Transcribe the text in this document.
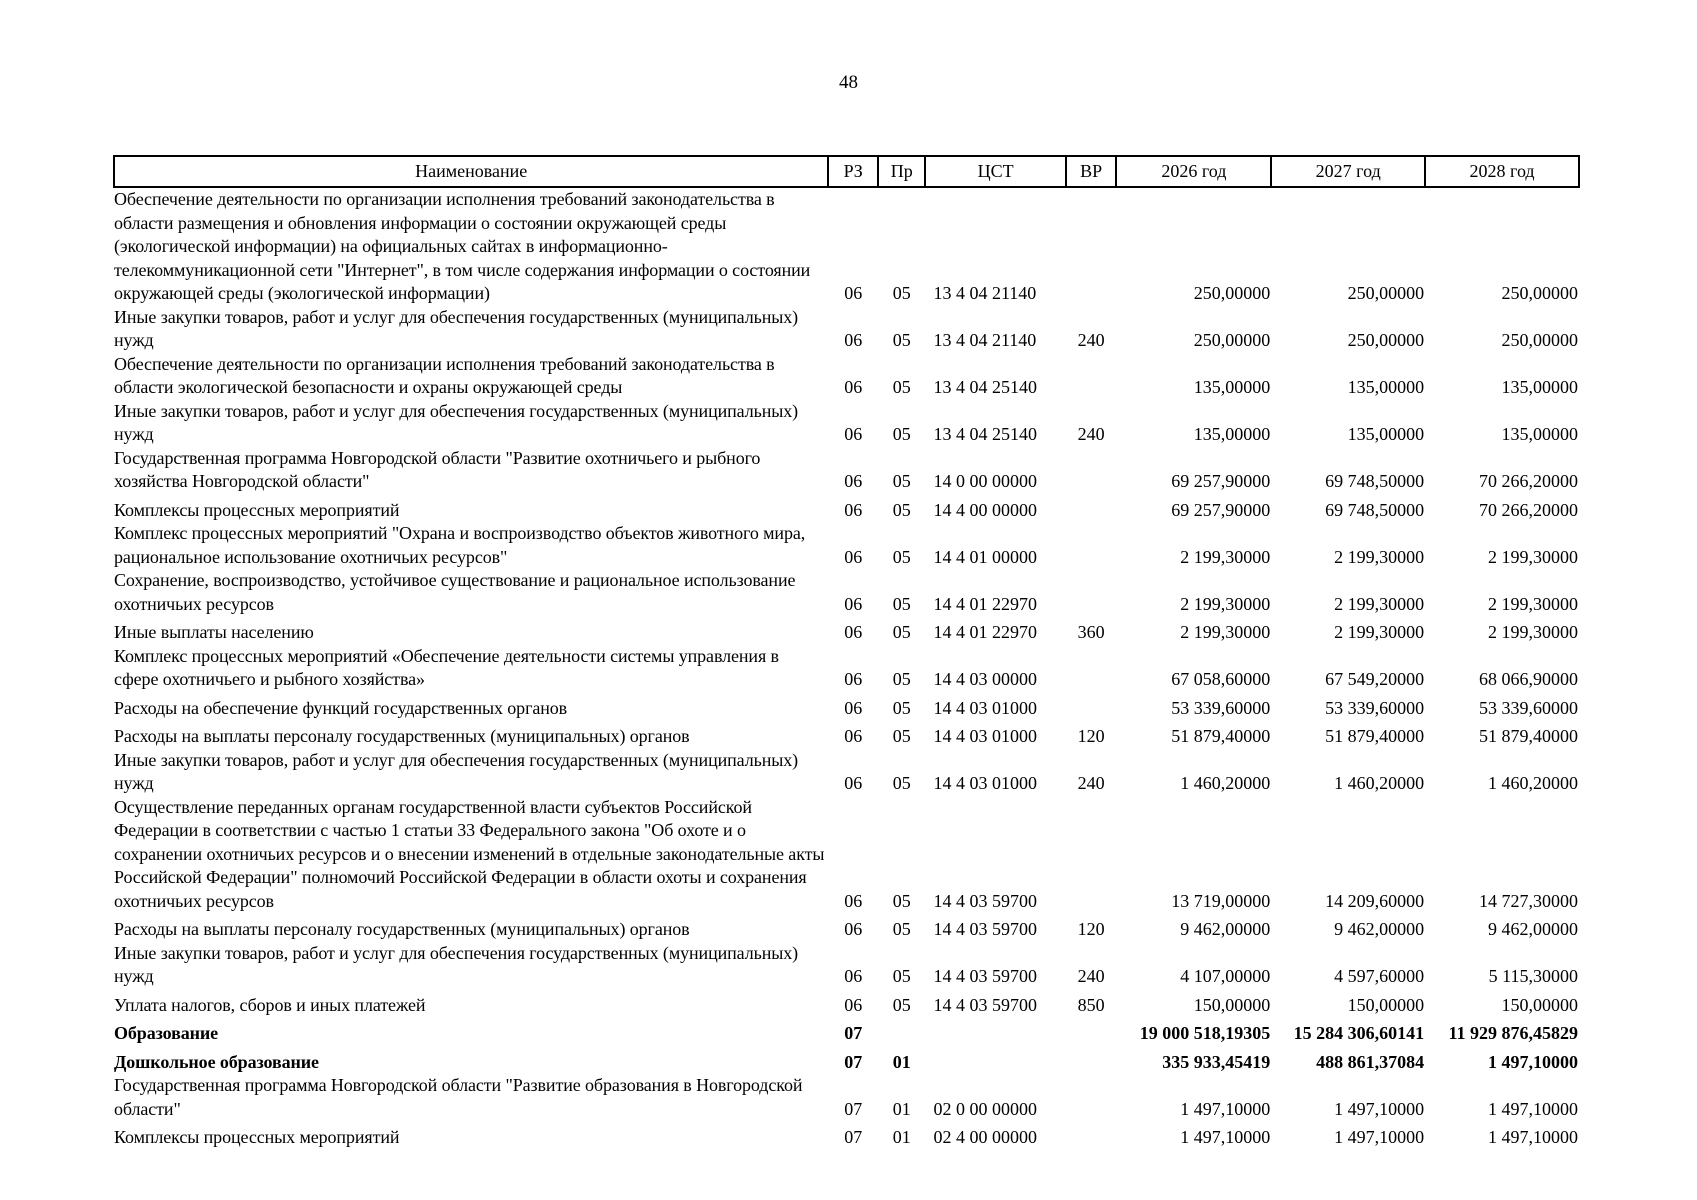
48
Наименование	РЗ	Пр	ЦСТ	ВР	2026 год	2027 год	2028 год
Обеспечение деятельности по организации исполнения требований законодательства в области размещения и обновления информации о состоянии окружающей среды (экологической информации) на официальных сайтах в информационно-телекоммуникационной сети "Интернет", в том числе содержания информации о состоянии окружающей среды (экологической информации)	06	05	13 4 04 21140		250,00000	250,00000	250,00000
Иные закупки товаров, работ и услуг для обеспечения государственных (муниципальных) нужд	06	05	13 4 04 21140	240	250,00000	250,00000	250,00000
Обеспечение деятельности по организации исполнения требований законодательства в области экологической безопасности и охраны окружающей среды	06	05	13 4 04 25140		135,00000	135,00000	135,00000
Иные закупки товаров, работ и услуг для обеспечения государственных (муниципальных) нужд	06	05	13 4 04 25140	240	135,00000	135,00000	135,00000
Государственная программа Новгородской области "Развитие охотничьего и рыбного хозяйства Новгородской области"	06	05	14 0 00 00000		69 257,90000	69 748,50000	70 266,20000
Комплексы процессных мероприятий	06	05	14 4 00 00000		69 257,90000	69 748,50000	70 266,20000
Комплекс процессных мероприятий "Охрана и воспроизводство объектов животного мира, рациональное использование охотничьих ресурсов"	06	05	14 4 01 00000		2 199,30000	2 199,30000	2 199,30000
Сохранение, воспроизводство, устойчивое существование и рациональное использование охотничьих ресурсов	06	05	14 4 01 22970		2 199,30000	2 199,30000	2 199,30000
Иные выплаты населению	06	05	14 4 01 22970	360	2 199,30000	2 199,30000	2 199,30000
Комплекс процессных мероприятий «Обеспечение деятельности системы управления в сфере охотничьего и рыбного хозяйства»	06	05	14 4 03 00000		67 058,60000	67 549,20000	68 066,90000
Расходы на обеспечение функций государственных органов	06	05	14 4 03 01000		53 339,60000	53 339,60000	53 339,60000
Расходы на выплаты персоналу государственных (муниципальных) органов	06	05	14 4 03 01000	120	51 879,40000	51 879,40000	51 879,40000
Иные закупки товаров, работ и услуг для обеспечения государственных (муниципальных) нужд	06	05	14 4 03 01000	240	1 460,20000	1 460,20000	1 460,20000
Осуществление переданных органам государственной власти субъектов Российской Федерации в соответствии с частью 1 статьи 33 Федерального закона "Об охоте и о сохранении охотничьих ресурсов и о внесении изменений в отдельные законодательные акты Российской Федерации" полномочий Российской Федерации в области охоты и сохранения охотничьих ресурсов	06	05	14 4 03 59700		13 719,00000	14 209,60000	14 727,30000
Расходы на выплаты персоналу государственных (муниципальных) органов	06	05	14 4 03 59700	120	9 462,00000	9 462,00000	9 462,00000
Иные закупки товаров, работ и услуг для обеспечения государственных (муниципальных) нужд	06	05	14 4 03 59700	240	4 107,00000	4 597,60000	5 115,30000
Уплата налогов, сборов и иных платежей	06	05	14 4 03 59700	850	150,00000	150,00000	150,00000
Образование	07				19 000 518,19305	15 284 306,60141	11 929 876,45829
Дошкольное образование	07	01			335 933,45419	488 861,37084	1 497,10000
Государственная программа Новгородской области "Развитие образования в Новгородской области"	07	01	02 0 00 00000		1 497,10000	1 497,10000	1 497,10000
Комплексы процессных мероприятий	07	01	02 4 00 00000		1 497,10000	1 497,10000	1 497,10000
